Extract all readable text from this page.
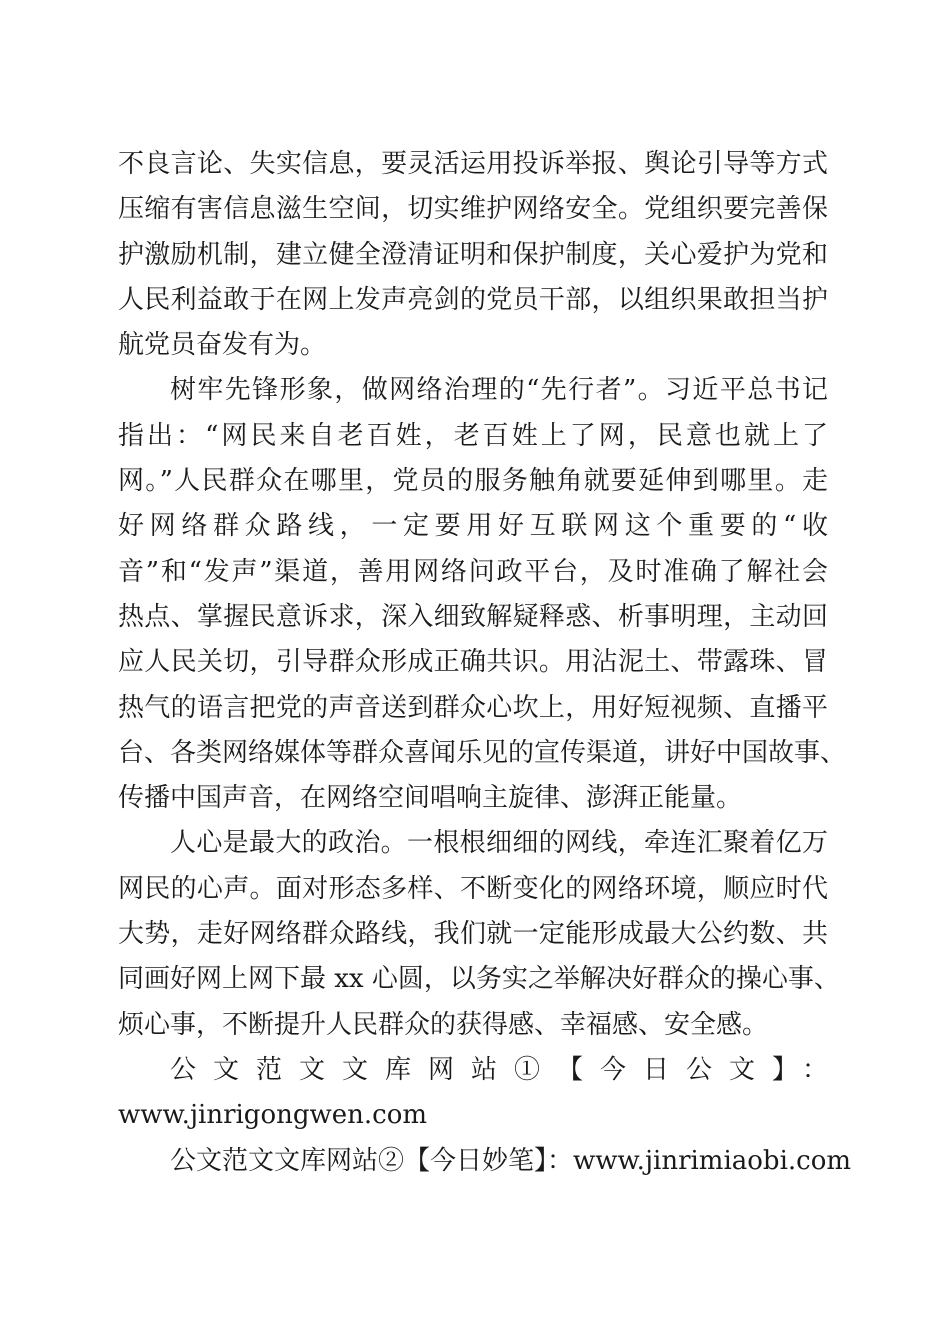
不良言论、失实信息，要灵活运用投诉举报、舆论引导等方式
压缩有害信息滋生空间，切实维护网络安全。党组织要完善保
护激励机制，建立健全澄清证明和保护制度，关心爱护为党和
人民利益敢于在网上发声亮剑的党员干部，以组织果敢担当护
航党员奋发有为。
树牢先锋形象，做网络治理的“先行者”。习近平总书记
指出：“网民来自老百姓，老百姓上了网，民意也就上了
网。”人民群众在哪里，党员的服务触角就要延伸到哪里。走
好网络群众路线，一定要用好互联网这个重要的“收
音”和“发声”渠道，善用网络问政平台，及时准确了解社会
热点、掌握民意诉求，深入细致解疑释惑、析事明理，主动回
应人民关切，引导群众形成正确共识。用沾泥土、带露珠、冒
热气的语言把党的声音送到群众心坎上，用好短视频、直播平
台、各类网络媒体等群众喜闻乐见的宣传渠道，讲好中国故事、
传播中国声音，在网络空间唱响主旋律、澎湃正能量。
人心是最大的政治。一根根细细的网线，牵连汇聚着亿万
网民的心声。面对形态多样、不断变化的网络环境，顺应时代
大势，走好网络群众路线，我们就一定能形成最大公约数、共
同画好网上网下最 xx 心圆，以务实之举解决好群众的操心事、
烦心事，不断提升人民群众的获得感、幸福感、安全感。
公文范文文库网站①【今日公文】：
www.jinrigongwen.com
公文范文文库网站②【今日妙笔】：www.jinrimiaobi.com
